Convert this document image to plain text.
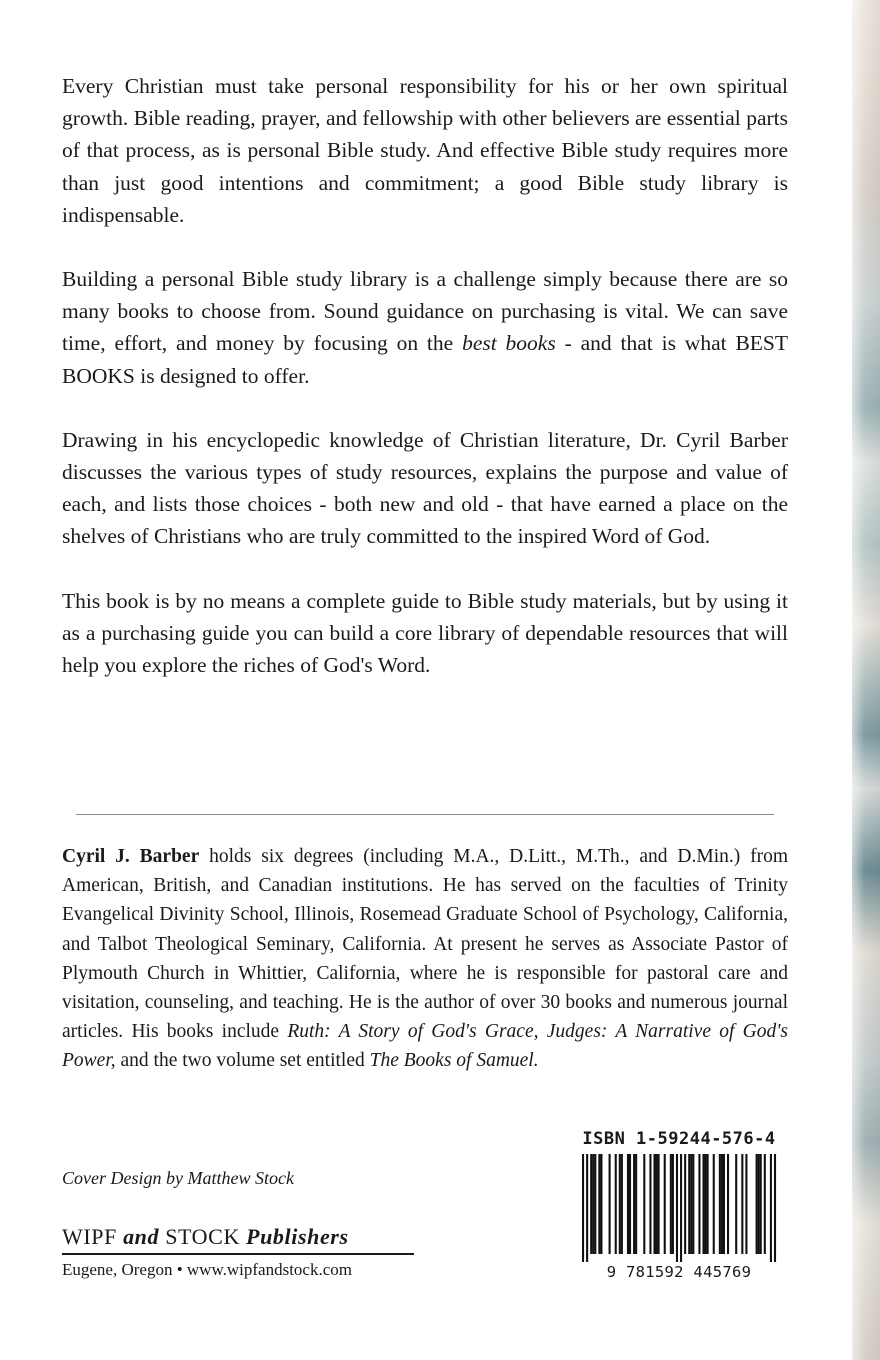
Every Christian must take personal responsibility for his or her own spiritual growth. Bible reading, prayer, and fellowship with other believers are essential parts of that process, as is personal Bible study. And effective Bible study requires more than just good intentions and commitment; a good Bible study library is indispensable.

Building a personal Bible study library is a challenge simply because there are so many books to choose from. Sound guidance on purchasing is vital. We can save time, effort, and money by focusing on the best books - and that is what BEST BOOKS is designed to offer.

Drawing in his encyclopedic knowledge of Christian literature, Dr. Cyril Barber discusses the various types of study resources, explains the purpose and value of each, and lists those choices - both new and old - that have earned a place on the shelves of Christians who are truly committed to the inspired Word of God.

This book is by no means a complete guide to Bible study materials, but by using it as a purchasing guide you can build a core library of dependable resources that will help you explore the riches of God's Word.

Cyril J. Barber holds six degrees (including M.A., D.Litt., M.Th., and D.Min.) from American, British, and Canadian institutions. He has served on the faculties of Trinity Evangelical Divinity School, Illinois, Rosemead Graduate School of Psychology, California, and Talbot Theological Seminary, California. At present he serves as Associate Pastor of Plymouth Church in Whittier, California, where he is responsible for pastoral care and visitation, counseling, and teaching. He is the author of over 30 books and numerous journal articles. His books include Ruth: A Story of God's Grace, Judges: A Narrative of God's Power, and the two volume set entitled The Books of Samuel.

Cover Design by Matthew Stock

WIPF and STOCK Publishers
Eugene, Oregon • www.wipfandstock.com
ISBN 1-59244-576-4
9 781592 445769
